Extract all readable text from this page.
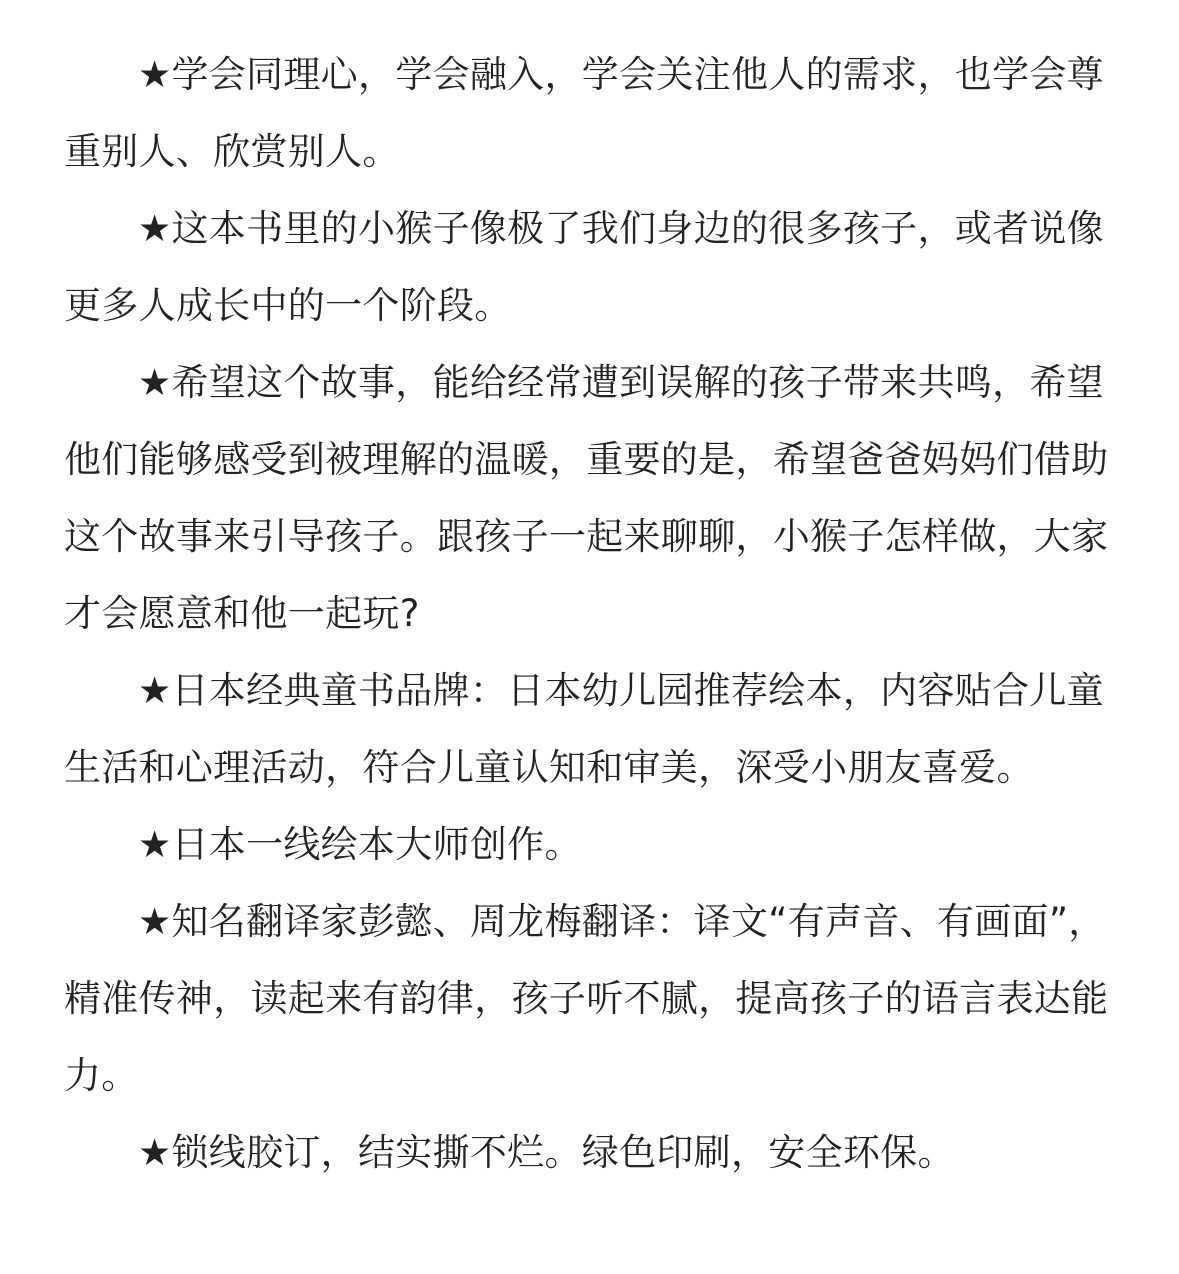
★学会同理心，学会融入，学会关注他人的需求，也学会尊重别人、欣赏别人。

★这本书里的小猴子像极了我们身边的很多孩子，或者说像更多人成长中的一个阶段。

★希望这个故事，能给经常遭到误解的孩子带来共鸣，希望他们能够感受到被理解的温暖，重要的是，希望爸爸妈妈们借助这个故事来引导孩子。跟孩子一起来聊聊，小猴子怎样做，大家才会愿意和他一起玩?

★日本经典童书品牌：日本幼儿园推荐绘本，内容贴合儿童生活和心理活动，符合儿童认知和审美，深受小朋友喜爱。

★日本一线绘本大师创作。

★知名翻译家彭懿、周龙梅翻译：译文“有声音、有画面”，精准传神，读起来有韵律，孩子听不腻，提高孩子的语言表达能力。

★锁线胶订，结实撕不烂。绿色印刷，安全环保。
